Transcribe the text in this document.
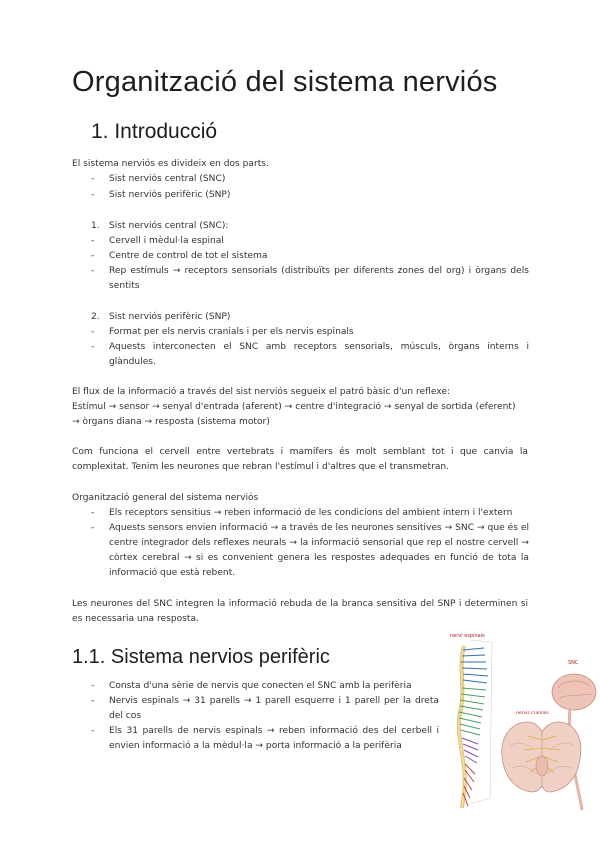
Organització del sistema nerviós
1. Introducció

El sistema nerviós es divideix en dos parts.

- Sist nerviós central (SNC)
- Sist nerviós perifèric (SNP)
1. Sist nerviós central (SNC):
- Cervell i mèdul·la espinal
- Centre de control de tot el sistema
- Rep estímuls → receptors sensorials (distribuïts per diferents zones del org) i òrgans dels sentits
2. Sist nerviós perifèric (SNP)
- Format per els nervis cranials i per els nervis espinals
- Aquests interconecten el SNC amb receptors sensorials, músculs, òrgans interns i glàndules.

El flux de la informació a través del sist nerviós segueix el patró bàsic d'un reflexe:

Estímul → sensor → senyal d'entrada (aferent) → centre d'integració → senyal de sortida (eferent)

→ òrgans diana → resposta (sistema motor)

Com funciona el cervell entre vertebrats i mamífers és molt semblant tot i que canvia la complexitat. Tenim les neurones que rebran l'estímul i d'altres que el transmetran.

Organització general del sistema nerviós

- Els receptors sensitius → reben informació de les condicions del ambient intern i l'extern
- Aquests sensors envien informació → a través de les neurones sensitives → SNC → que és el centre integrador dels reflexes neurals → la informació sensorial que rep el nostre cervell → còrtex cerebral → si es convenient genera les respostes adequades en funció de tota la informació que està rebent.

Les neurones del SNC integren la informació rebuda de la branca sensitiva del SNP i determinen si es necessaria una resposta.

1.1. Sistema nervios perifèric
- Consta d'una sèrie de nervis que conecten el SNC amb la perifèria
- Nervis espinals → 31 parells → 1 parell esquerre i 1 parell per la dreta del cos
- Els 31 parells de nervis espinals → reben informació des del cerbell i envien informació a la mèdul·la → porta informació a la perifèria
nervi espinals
SNC
nervis cranials
